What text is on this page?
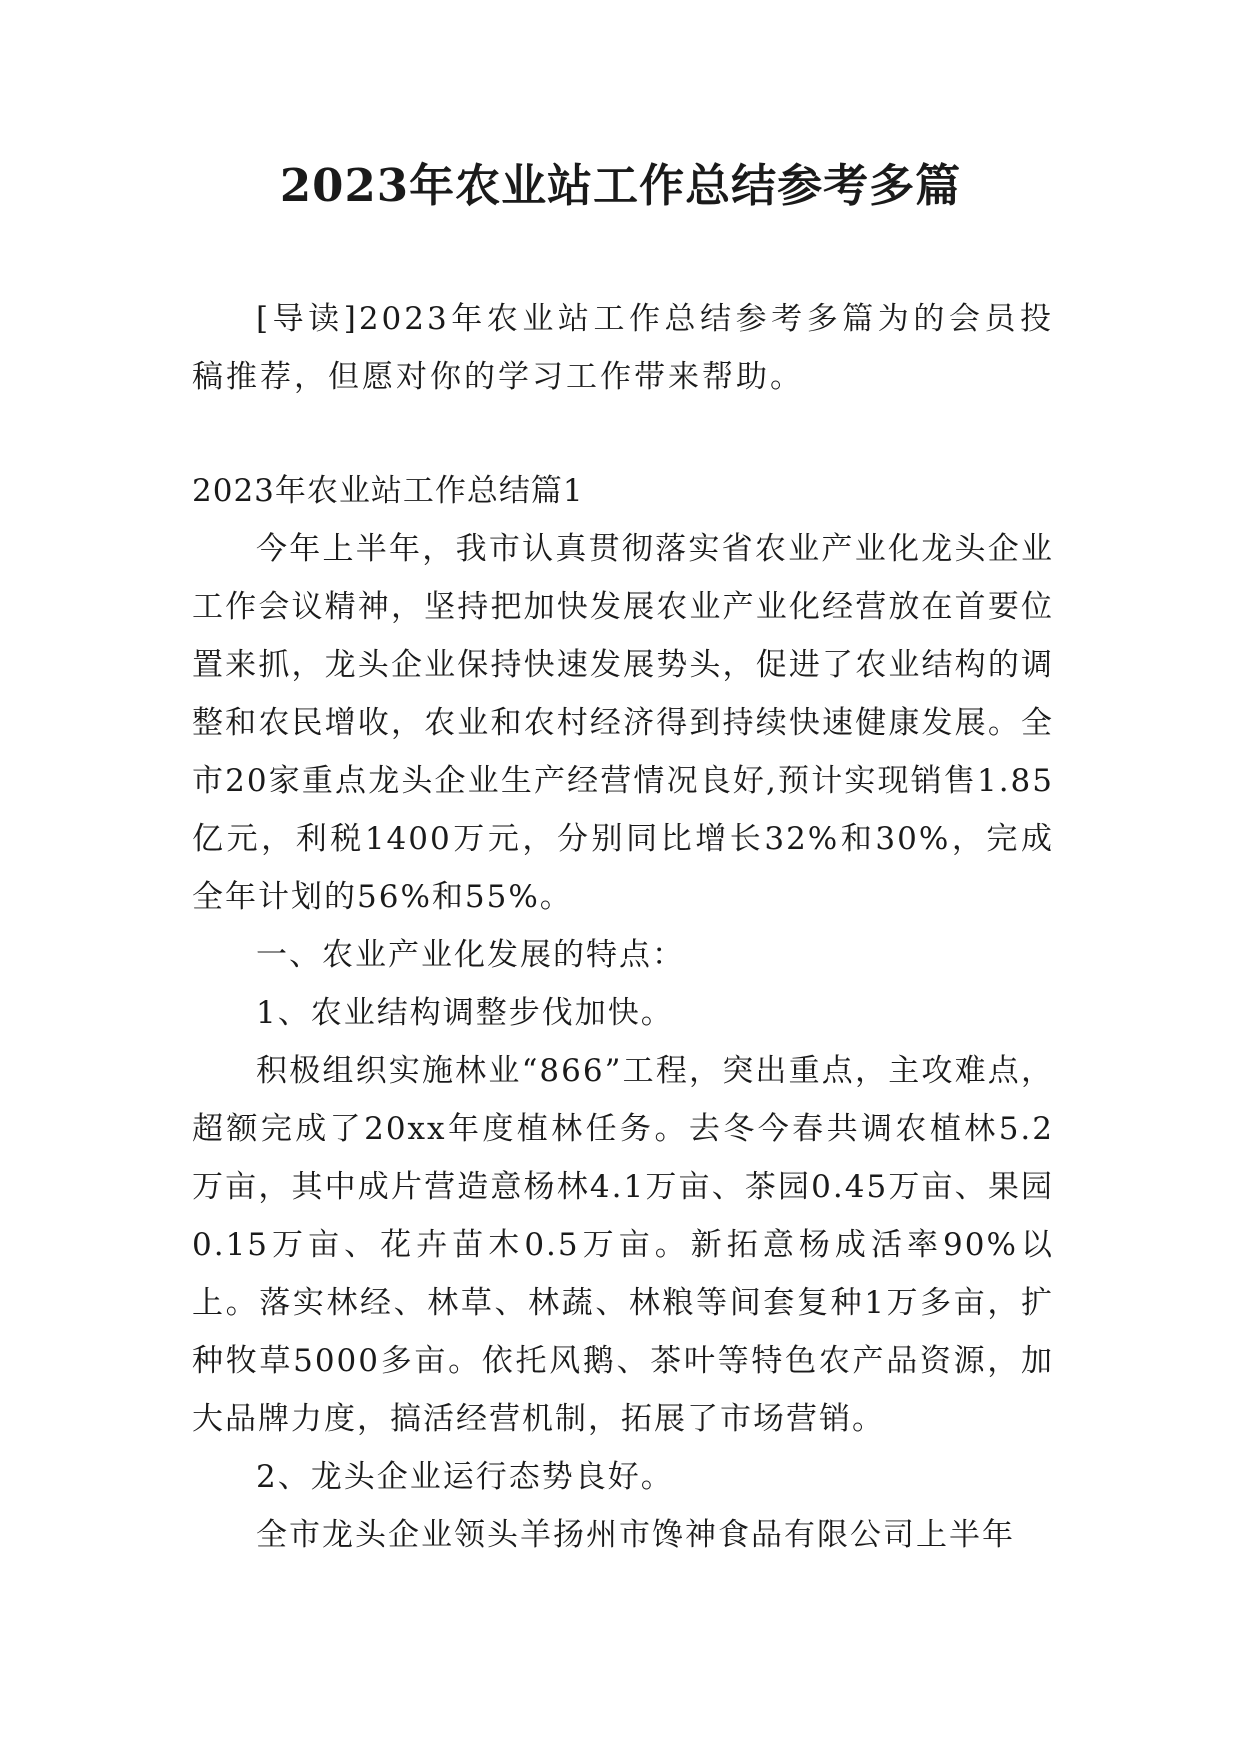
2023年农业站工作总结参考多篇

[导读]2023年农业站工作总结参考多篇为的会员投稿推荐，但愿对你的学习工作带来帮助。

2023年农业站工作总结篇1

今年上半年，我市认真贯彻落实省农业产业化龙头企业工作会议精神，坚持把加快发展农业产业化经营放在首要位置来抓，龙头企业保持快速发展势头，促进了农业结构的调整和农民增收，农业和农村经济得到持续快速健康发展。全市20家重点龙头企业生产经营情况良好,预计实现销售1.85亿元，利税1400万元，分别同比增长32%和30%，完成全年计划的56%和55%。

一、农业产业化发展的特点：

1、农业结构调整步伐加快。

积极组织实施林业“866”工程，突出重点，主攻难点，超额完成了20xx年度植林任务。去冬今春共调农植林5.2万亩，其中成片营造意杨林4.1万亩、茶园0.45万亩、果园0.15万亩、花卉苗木0.5万亩。新拓意杨成活率90%以上。落实林经、林草、林蔬、林粮等间套复种1万多亩，扩种牧草5000多亩。依托风鹅、茶叶等特色农产品资源，加大品牌力度，搞活经营机制，拓展了市场营销。

2、龙头企业运行态势良好。

全市龙头企业领头羊扬州市馋神食品有限公司上半年
